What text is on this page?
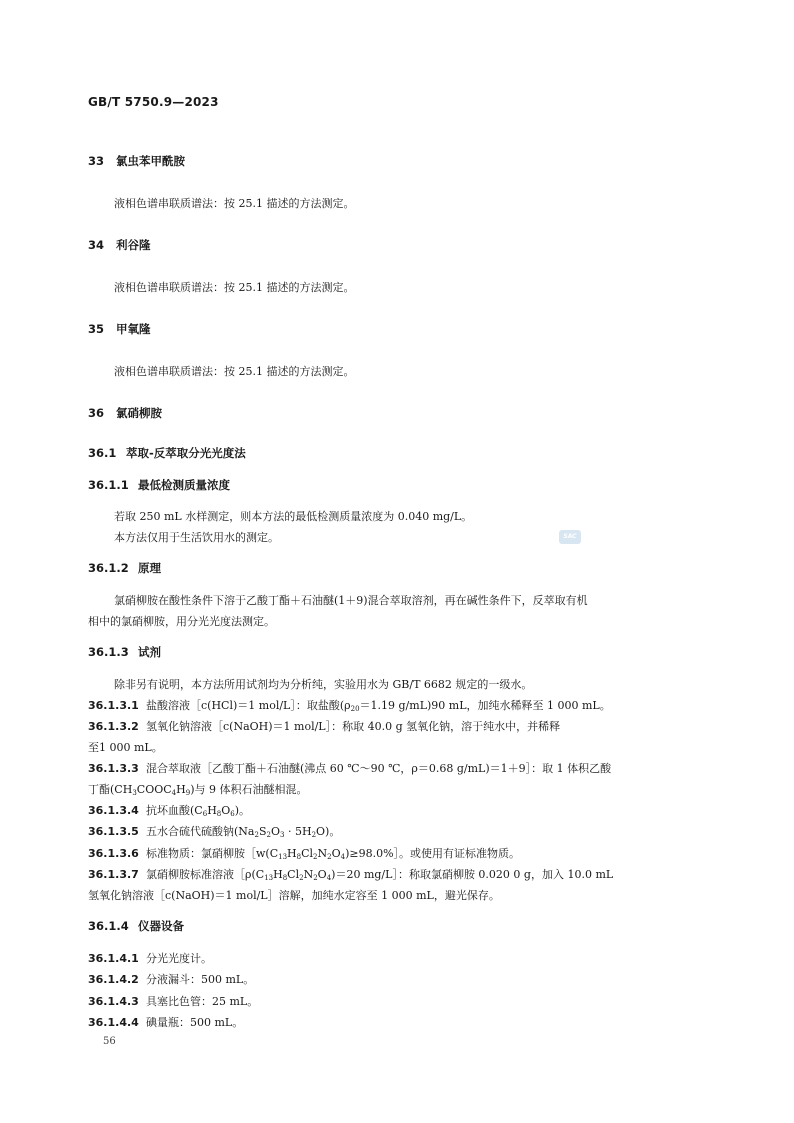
GB/T 5750.9—2023
33 氯虫苯甲酰胺
液相色谱串联质谱法：按 25.1 描述的方法测定。
34 利谷隆
液相色谱串联质谱法：按 25.1 描述的方法测定。
35 甲氧隆
液相色谱串联质谱法：按 25.1 描述的方法测定。
36 氯硝柳胺
36.1 萃取-反萃取分光光度法
36.1.1 最低检测质量浓度
若取 250 mL 水样测定，则本方法的最低检测质量浓度为 0.040 mg/L。
本方法仅用于生活饮用水的测定。	SAC
36.1.2 原理
氯硝柳胺在酸性条件下溶于乙酸丁酯＋石油醚(1＋9)混合萃取溶剂，再在碱性条件下，反萃取有机
相中的氯硝柳胺，用分光光度法测定。
36.1.3 试剂
除非另有说明，本方法所用试剂均为分析纯，实验用水为 GB/T 6682 规定的一级水。
36.1.3.1 盐酸溶液［c(HCl)＝1 mol/L］：取盐酸($\rho_{20}=1.19$ g/mL)90 mL，加纯水稀释至 1 000 mL。
36.1.3.2 氢氧化钠溶液［c(NaOH)＝1 mol/L］：称取 40.0 g 氢氧化钠，溶于纯水中，并稀释
至1 000 mL。
36.1.3.3 混合萃取液［乙酸丁酯＋石油醚(沸点 60 ℃～90 ℃，ρ＝0.68 g/mL)＝1＋9］：取 1 体积乙酸
丁酯$(CH_3COOC_4H_9)$与 9 体积石油醚相混。
36.1.3.4 抗坏血酸$(C_6H_8O_6)$。
36.1.3.5 五水合硫代硫酸钠$(Na_2S_2O_3 \cdot 5H_2O)$。
36.1.3.6 标准物质：氯硝柳胺$[w(C_{13}H_8Cl_2N_2O_4)\ge 98.0\%]$。或使用有证标准物质。
36.1.3.7 氯硝柳胺标准溶液$[\rho(C_{13}H_8Cl_2N_2O_4)=20$ mg/L］：称取氯硝柳胺 0.020 0 g，加入 10.0 mL
氢氧化钠溶液［c(NaOH)＝1 mol/L］溶解，加纯水定容至 1 000 mL，避光保存。
36.1.4 仪器设备
36.1.4.1 分光光度计。
36.1.4.2 分液漏斗：500 mL。
36.1.4.3 具塞比色管：25 mL。
36.1.4.4 碘量瓶：500 mL。
56
